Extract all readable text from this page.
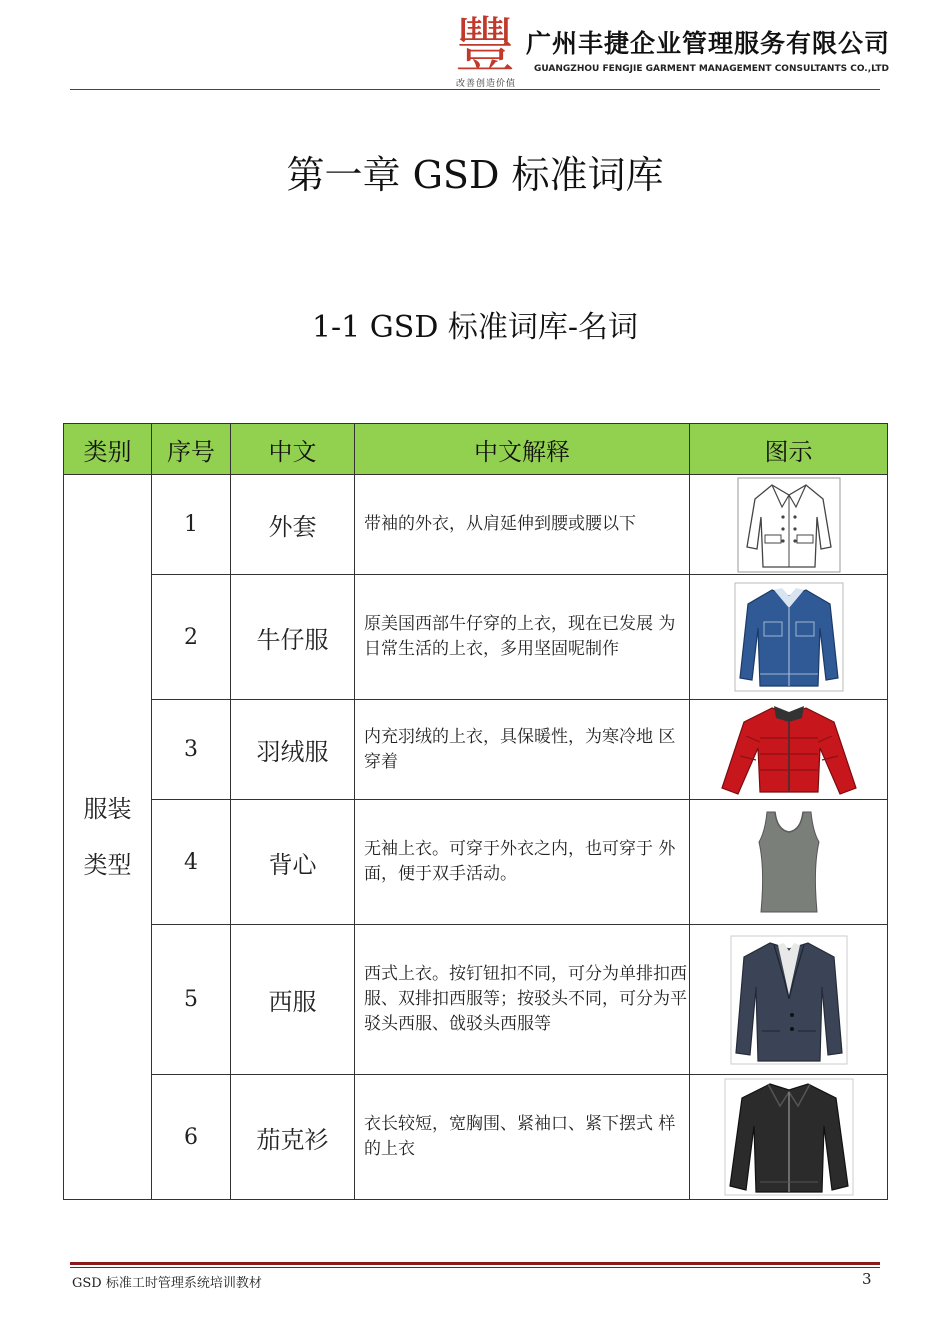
豐
改善创造价值
广州丰捷企业管理服务有限公司
GUANGZHOU FENGJIE GARMENT MANAGEMENT CONSULTANTS CO.,LTD
第一章 GSD 标准词库
1-1 GSD 标准词库-名词
类别	序号	中文	中文解释	图示

服装
类型	1	外套	带袖的外衣，从肩延伸到腰或腰以下	

	2	牛仔服	原美国西部牛仔穿的上衣，现在已发展 为日常生活的上衣，多用坚固呢制作	

	3	羽绒服	内充羽绒的上衣，具保暖性，为寒冷地 区穿着	

	4	背心	无袖上衣。可穿于外衣之内，也可穿于 外面，便于双手活动。	

	5	西服	西式上衣。按钉钮扣不同，可分为单排扣西服、双排扣西服等；按驳头不同，可分为平驳头西服、戗驳头西服等	

	6	茄克衫	衣长较短，宽胸围、紧袖口、紧下摆式 样的上衣	
GSD 标准工时管理系统培训教材	3
